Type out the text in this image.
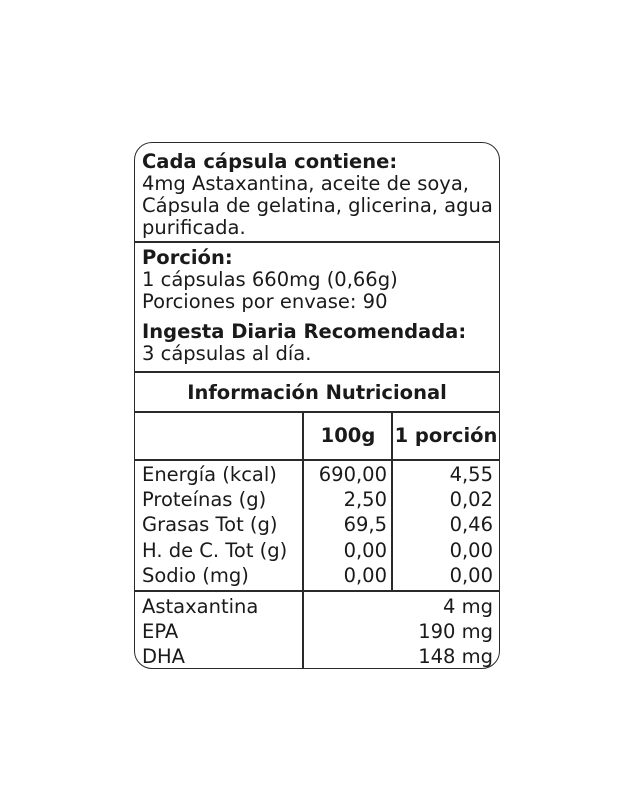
Cada cápsula contiene:
4mg Astaxantina, aceite de soya,
Cápsula de gelatina, glicerina, agua
purificada.
Porción:
1 cápsulas 660mg (0,66g)
Porciones por envase: 90
Ingesta Diaria Recomendada:
3 cápsulas al día.
Información Nutricional
100g 1 porción
Energía (kcal)
Proteínas (g)
Grasas Tot (g)
H. de C. Tot (g)
Sodio (mg)
690,00
2,50
69,5
0,00
0,00
4,55
0,02
0,46
0,00
0,00
Astaxantina
EPA
DHA
4 mg
190 mg
148 mg
